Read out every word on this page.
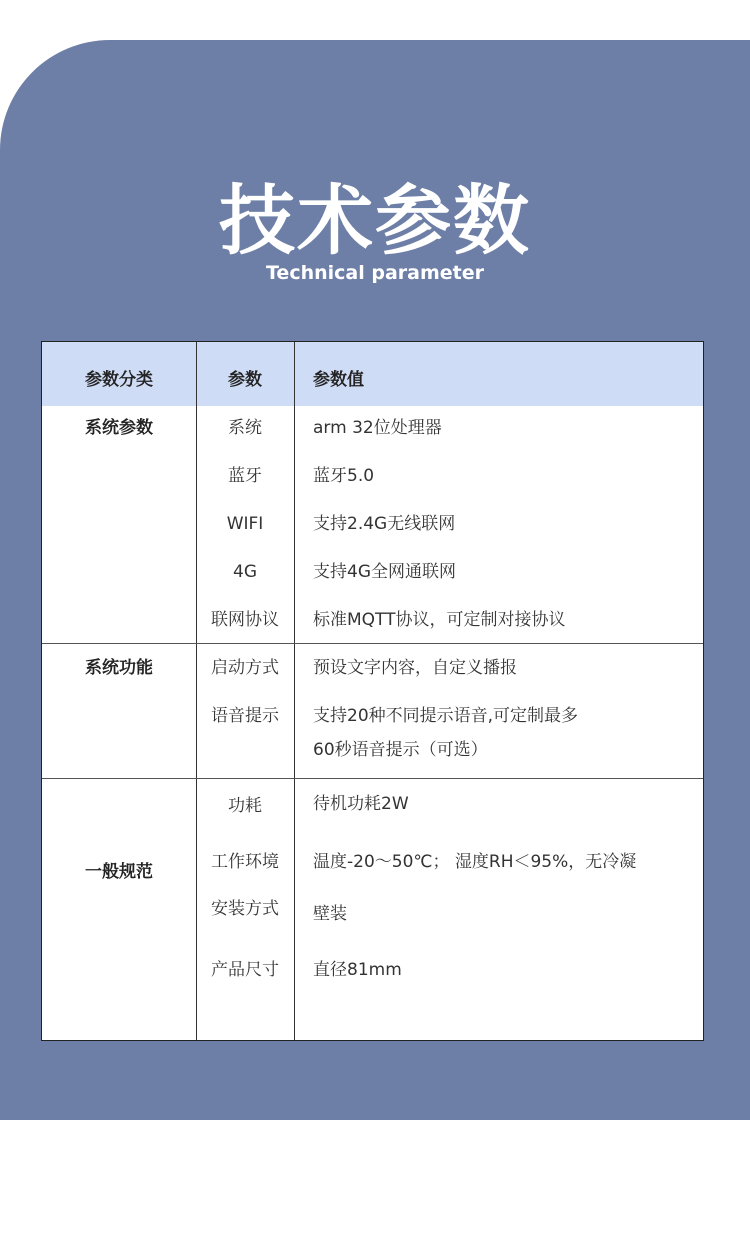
技术参数
Technical parameter
参数分类	参数	参数值
系统参数	系统	arm 32位处理器
蓝牙	蓝牙5.0
WIFI	支持2.4G无线联网
4G	支持4G全网通联网
联网协议	标准MQTT协议，可定制对接协议
系统功能	启动方式	预设文字内容，自定义播报
语音提示	支持20种不同提示语音,可定制最多
60秒语音提示（可选）
一般规范
功耗	待机功耗2W
工作环境	温度-20～50℃； 湿度RH＜95%，无冷凝
安装方式	壁装
产品尺寸	直径81mm
